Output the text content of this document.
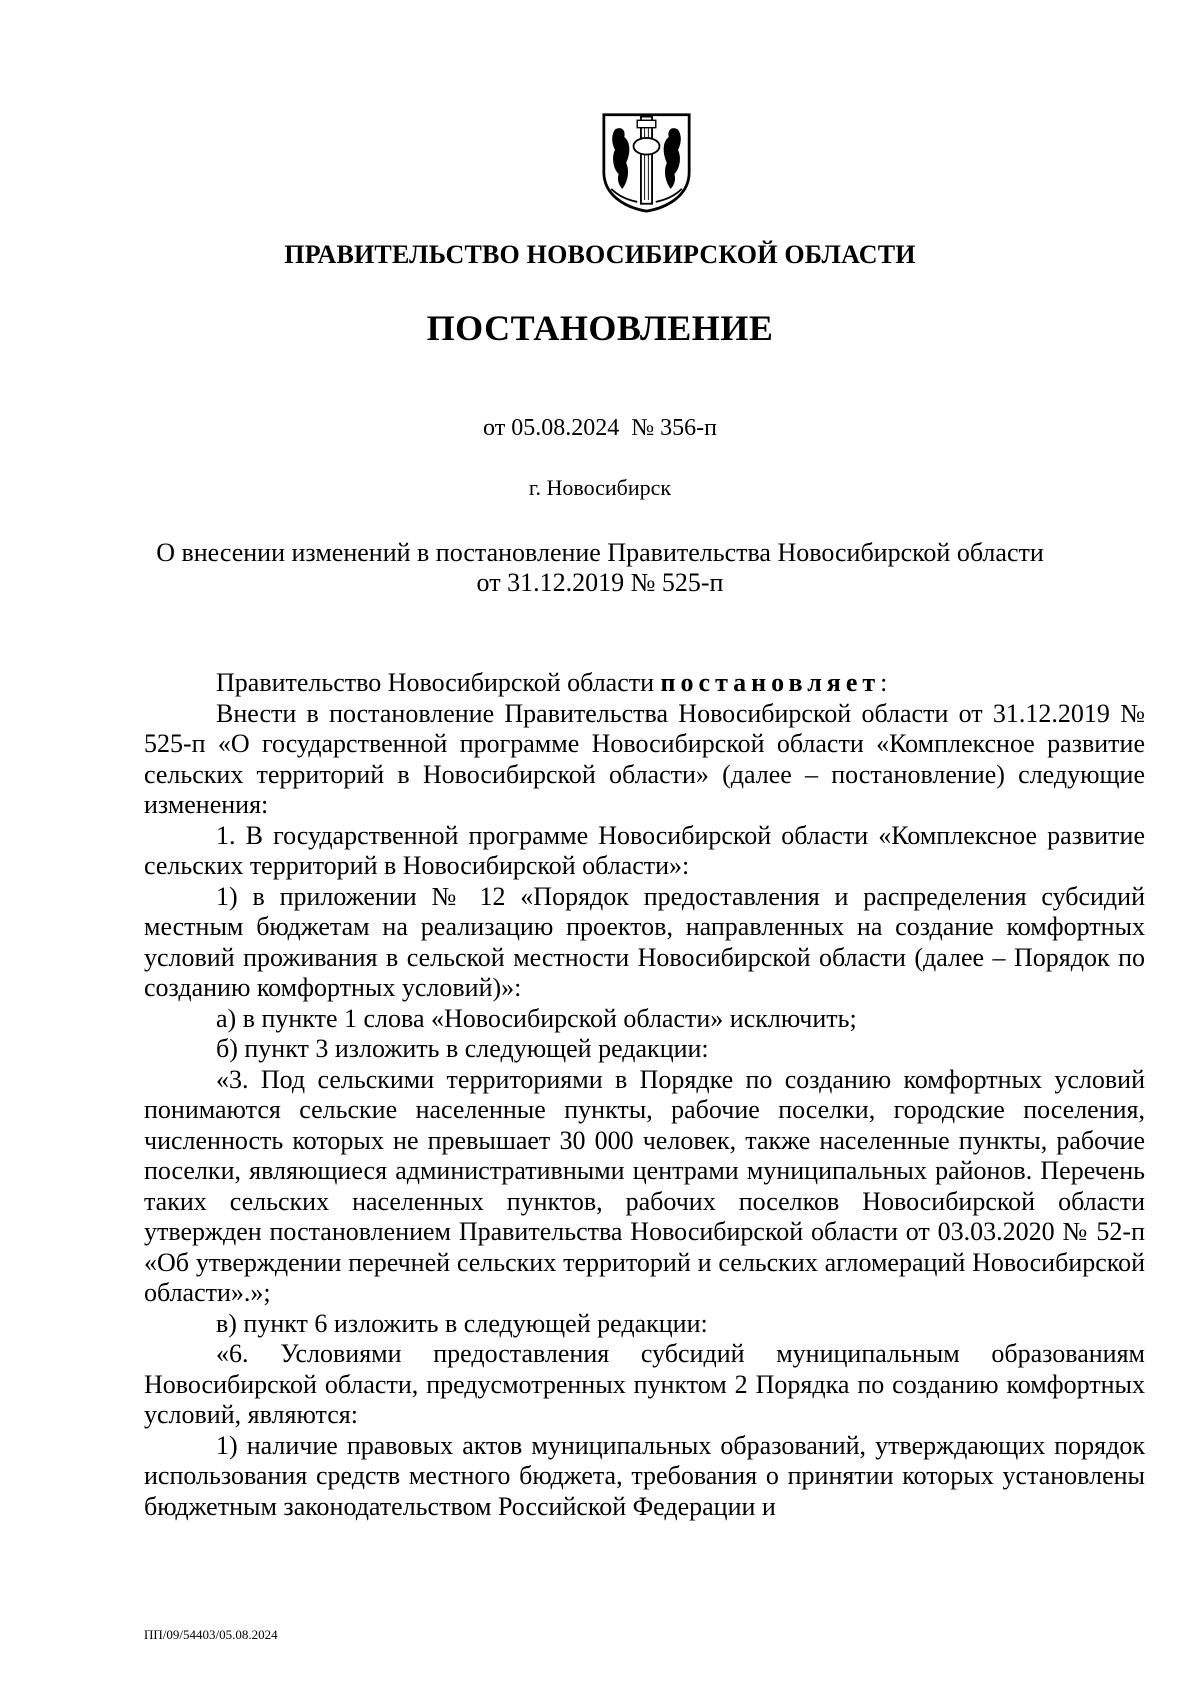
ПРАВИТЕЛЬСТВО НОВОСИБИРСКОЙ ОБЛАСТИ
ПОСТАНОВЛЕНИЕ
от 05.08.2024  № 356-п
г. Новосибирск
О внесении изменений в постановление Правительства Новосибирской области
от 31.12.2019 № 525-п

Правительство Новосибирской области постановляет:

Внести в постановление Правительства Новосибирской области от 31.12.2019 № 525-п «О государственной программе Новосибирской области «Комплексное развитие сельских территорий в Новосибирской области» (далее – постановление) следующие изменения:

1. В государственной программе Новосибирской области «Комплексное развитие сельских территорий в Новосибирской области»:

1) в приложении № 12 «Порядок предоставления и распределения субсидий местным бюджетам на реализацию проектов, направленных на создание комфортных условий проживания в сельской местности Новосибирской области (далее – Порядок по созданию комфортных условий)»:

а) в пункте 1 слова «Новосибирской области» исключить;

б) пункт 3 изложить в следующей редакции:

«3. Под сельскими территориями в Порядке по созданию комфортных условий понимаются сельские населенные пункты, рабочие поселки, городские поселения, численность которых не превышает 30 000 человек, также населенные пункты, рабочие поселки, являющиеся административными центрами муниципальных районов. Перечень таких сельских населенных пунктов, рабочих поселков Новосибирской области утвержден постановлением Правительства Новосибирской области от 03.03.2020 № 52-п «Об утверждении перечней сельских территорий и сельских агломераций Новосибирской области».»;

в) пункт 6 изложить в следующей редакции:

«6. Условиями предоставления субсидий муниципальным образованиям Новосибирской области, предусмотренных пунктом 2 Порядка по созданию комфортных условий, являются:

1) наличие правовых актов муниципальных образований, утверждающих порядок использования средств местного бюджета, требования о принятии которых установлены бюджетным законодательством Российской Федерации и

ПП/09/54403/05.08.2024
